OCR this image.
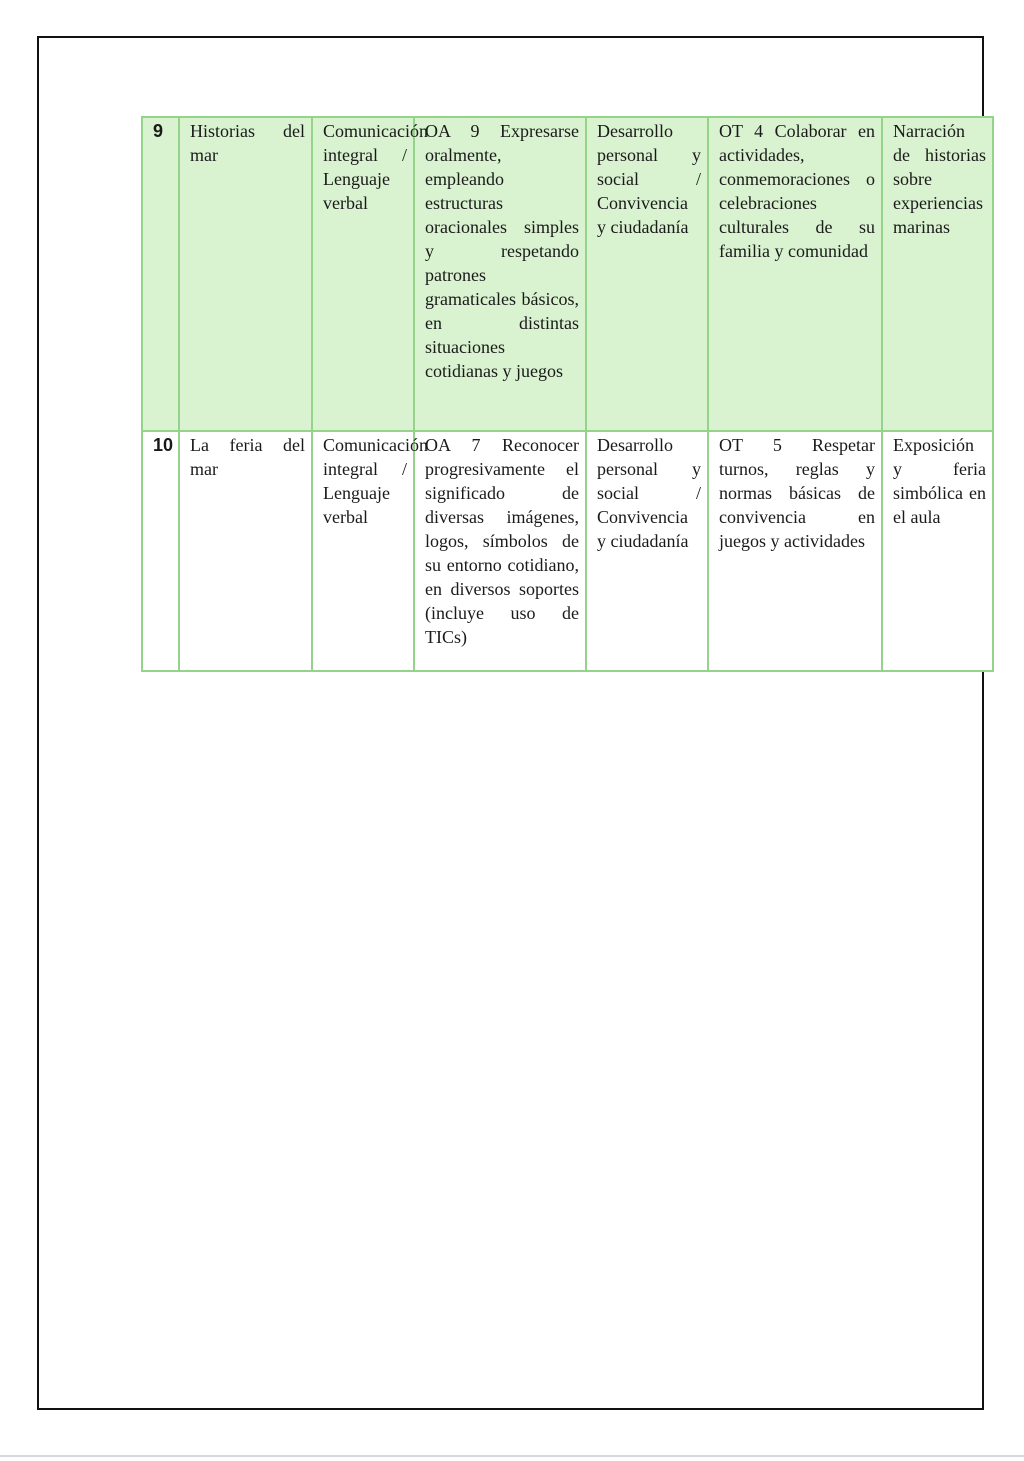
9	Historias del mar	Comunicación integral / Lenguaje verbal	OA 9 Expresarse oralmente, empleando estructuras oracionales simples y respetando patrones gramaticales básicos, en distintas situaciones cotidianas y juegos	Desarrollo personal y social / Convivencia y ciudadanía	OT 4 Colaborar en actividades, conmemoraciones o celebraciones culturales de su familia y comunidad	Narración de historias sobre experiencias marinas
10	La feria del mar	Comunicación integral / Lenguaje verbal	OA 7 Reconocer progresivamente el significado de diversas imágenes, logos, símbolos de su entorno cotidiano, en diversos soportes (incluye uso de TICs)	Desarrollo personal y social / Convivencia y ciudadanía	OT 5 Respetar turnos, reglas y normas básicas de convivencia en juegos y actividades	Exposición y feria simbólica en el aula
